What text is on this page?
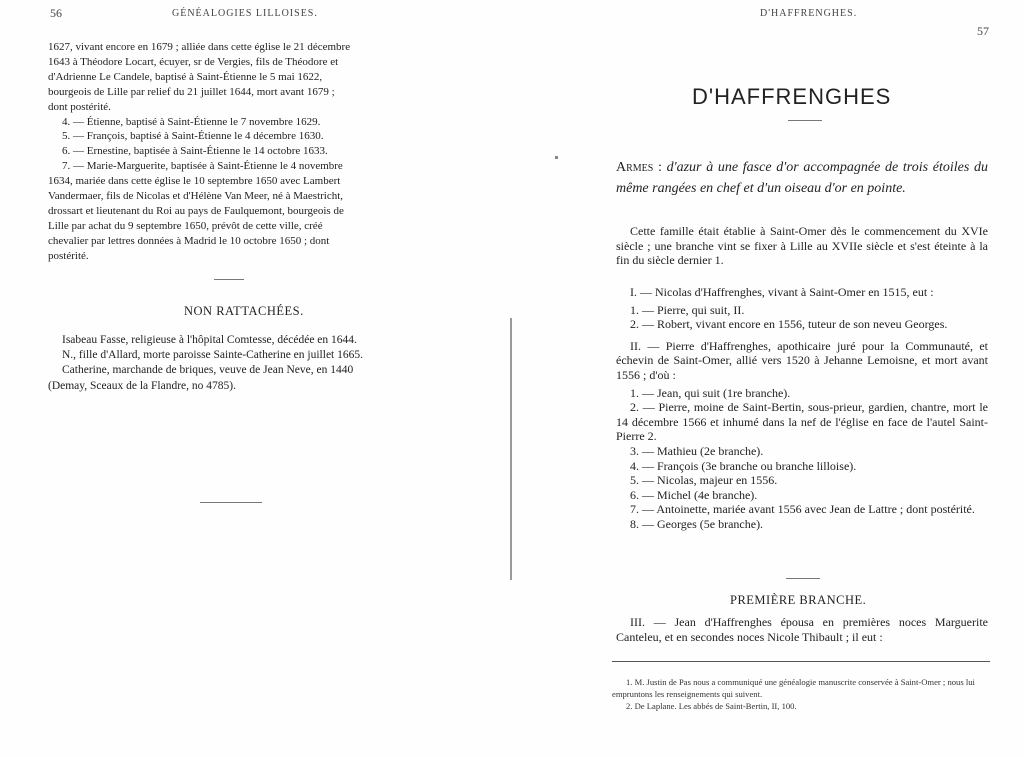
56	GÉNÉALOGIES LILLOISES.

1627, vivant encore en 1679 ; alliée dans cette église le 21 décembre

1643 à Théodore Locart, écuyer, sr de Vergies, fils de Théodore et

d'Adrienne Le Candele, baptisé à Saint-Étienne le 5 mai 1622,

bourgeois de Lille par relief du 21 juillet 1644, mort avant 1679 ;

dont postérité.

4. — Étienne, baptisé à Saint-Étienne le 7 novembre 1629.

5. — François, baptisé à Saint-Étienne le 4 décembre 1630.

6. — Ernestine, baptisée à Saint-Étienne le 14 octobre 1633.

7. — Marie-Marguerite, baptisée à Saint-Étienne le 4 novembre

1634, mariée dans cette église le 10 septembre 1650 avec Lambert

Vandermaer, fils de Nicolas et d'Hélène Van Meer, né à Maestricht,

drossart et lieutenant du Roi au pays de Faulquemont, bourgeois de

Lille par achat du 9 septembre 1650, prévôt de cette ville, créé

chevalier par lettres données à Madrid le 10 octobre 1650 ; dont

postérité.

NON RATTACHÉES.

Isabeau Fasse, religieuse à l'hôpital Comtesse, décédée en 1644.

N., fille d'Allard, morte paroisse Sainte-Catherine en juillet 1665.

Catherine, marchande de briques, veuve de Jean Neve, en 1440

(Demay, Sceaux de la Flandre, no 4785).

D'HAFFRENGHES.
57
D'HAFFRENGHES
Armes : d'azur à une fasce d'or accompagnée de trois étoiles du même rangées en chef et d'un oiseau d'or en pointe.

Cette famille était établie à Saint-Omer dès le commencement du XVIe siècle ; une branche vint se fixer à Lille au XVIIe siècle et s'est éteinte à la fin du siècle dernier 1.

I. — Nicolas d'Haffrenghes, vivant à Saint-Omer en 1515, eut :

1. — Pierre, qui suit, II.

2. — Robert, vivant encore en 1556, tuteur de son neveu Georges.

II. — Pierre d'Haffrenghes, apothicaire juré pour la Communauté, et échevin de Saint-Omer, allié vers 1520 à Jehanne Lemoisne, et mort avant 1556 ; d'où :

1. — Jean, qui suit (1re branche).

2. — Pierre, moine de Saint-Bertin, sous-prieur, gardien, chantre, mort le 14 décembre 1566 et inhumé dans la nef de l'église en face de l'autel Saint-Pierre 2.

3. — Mathieu (2e branche).

4. — François (3e branche ou branche lilloise).

5. — Nicolas, majeur en 1556.

6. — Michel (4e branche).

7. — Antoinette, mariée avant 1556 avec Jean de Lattre ; dont postérité.

8. — Georges (5e branche).

PREMIÈRE BRANCHE.

III. — Jean d'Haffrenghes épousa en premières noces Marguerite Canteleu, et en secondes noces Nicole Thibault ; il eut :

1. M. Justin de Pas nous a communiqué une généalogie manuscrite conservée à Saint-Omer ; nous lui empruntons les renseignements qui suivent.

2. De Laplane. Les abbés de Saint-Bertin, II, 100.
